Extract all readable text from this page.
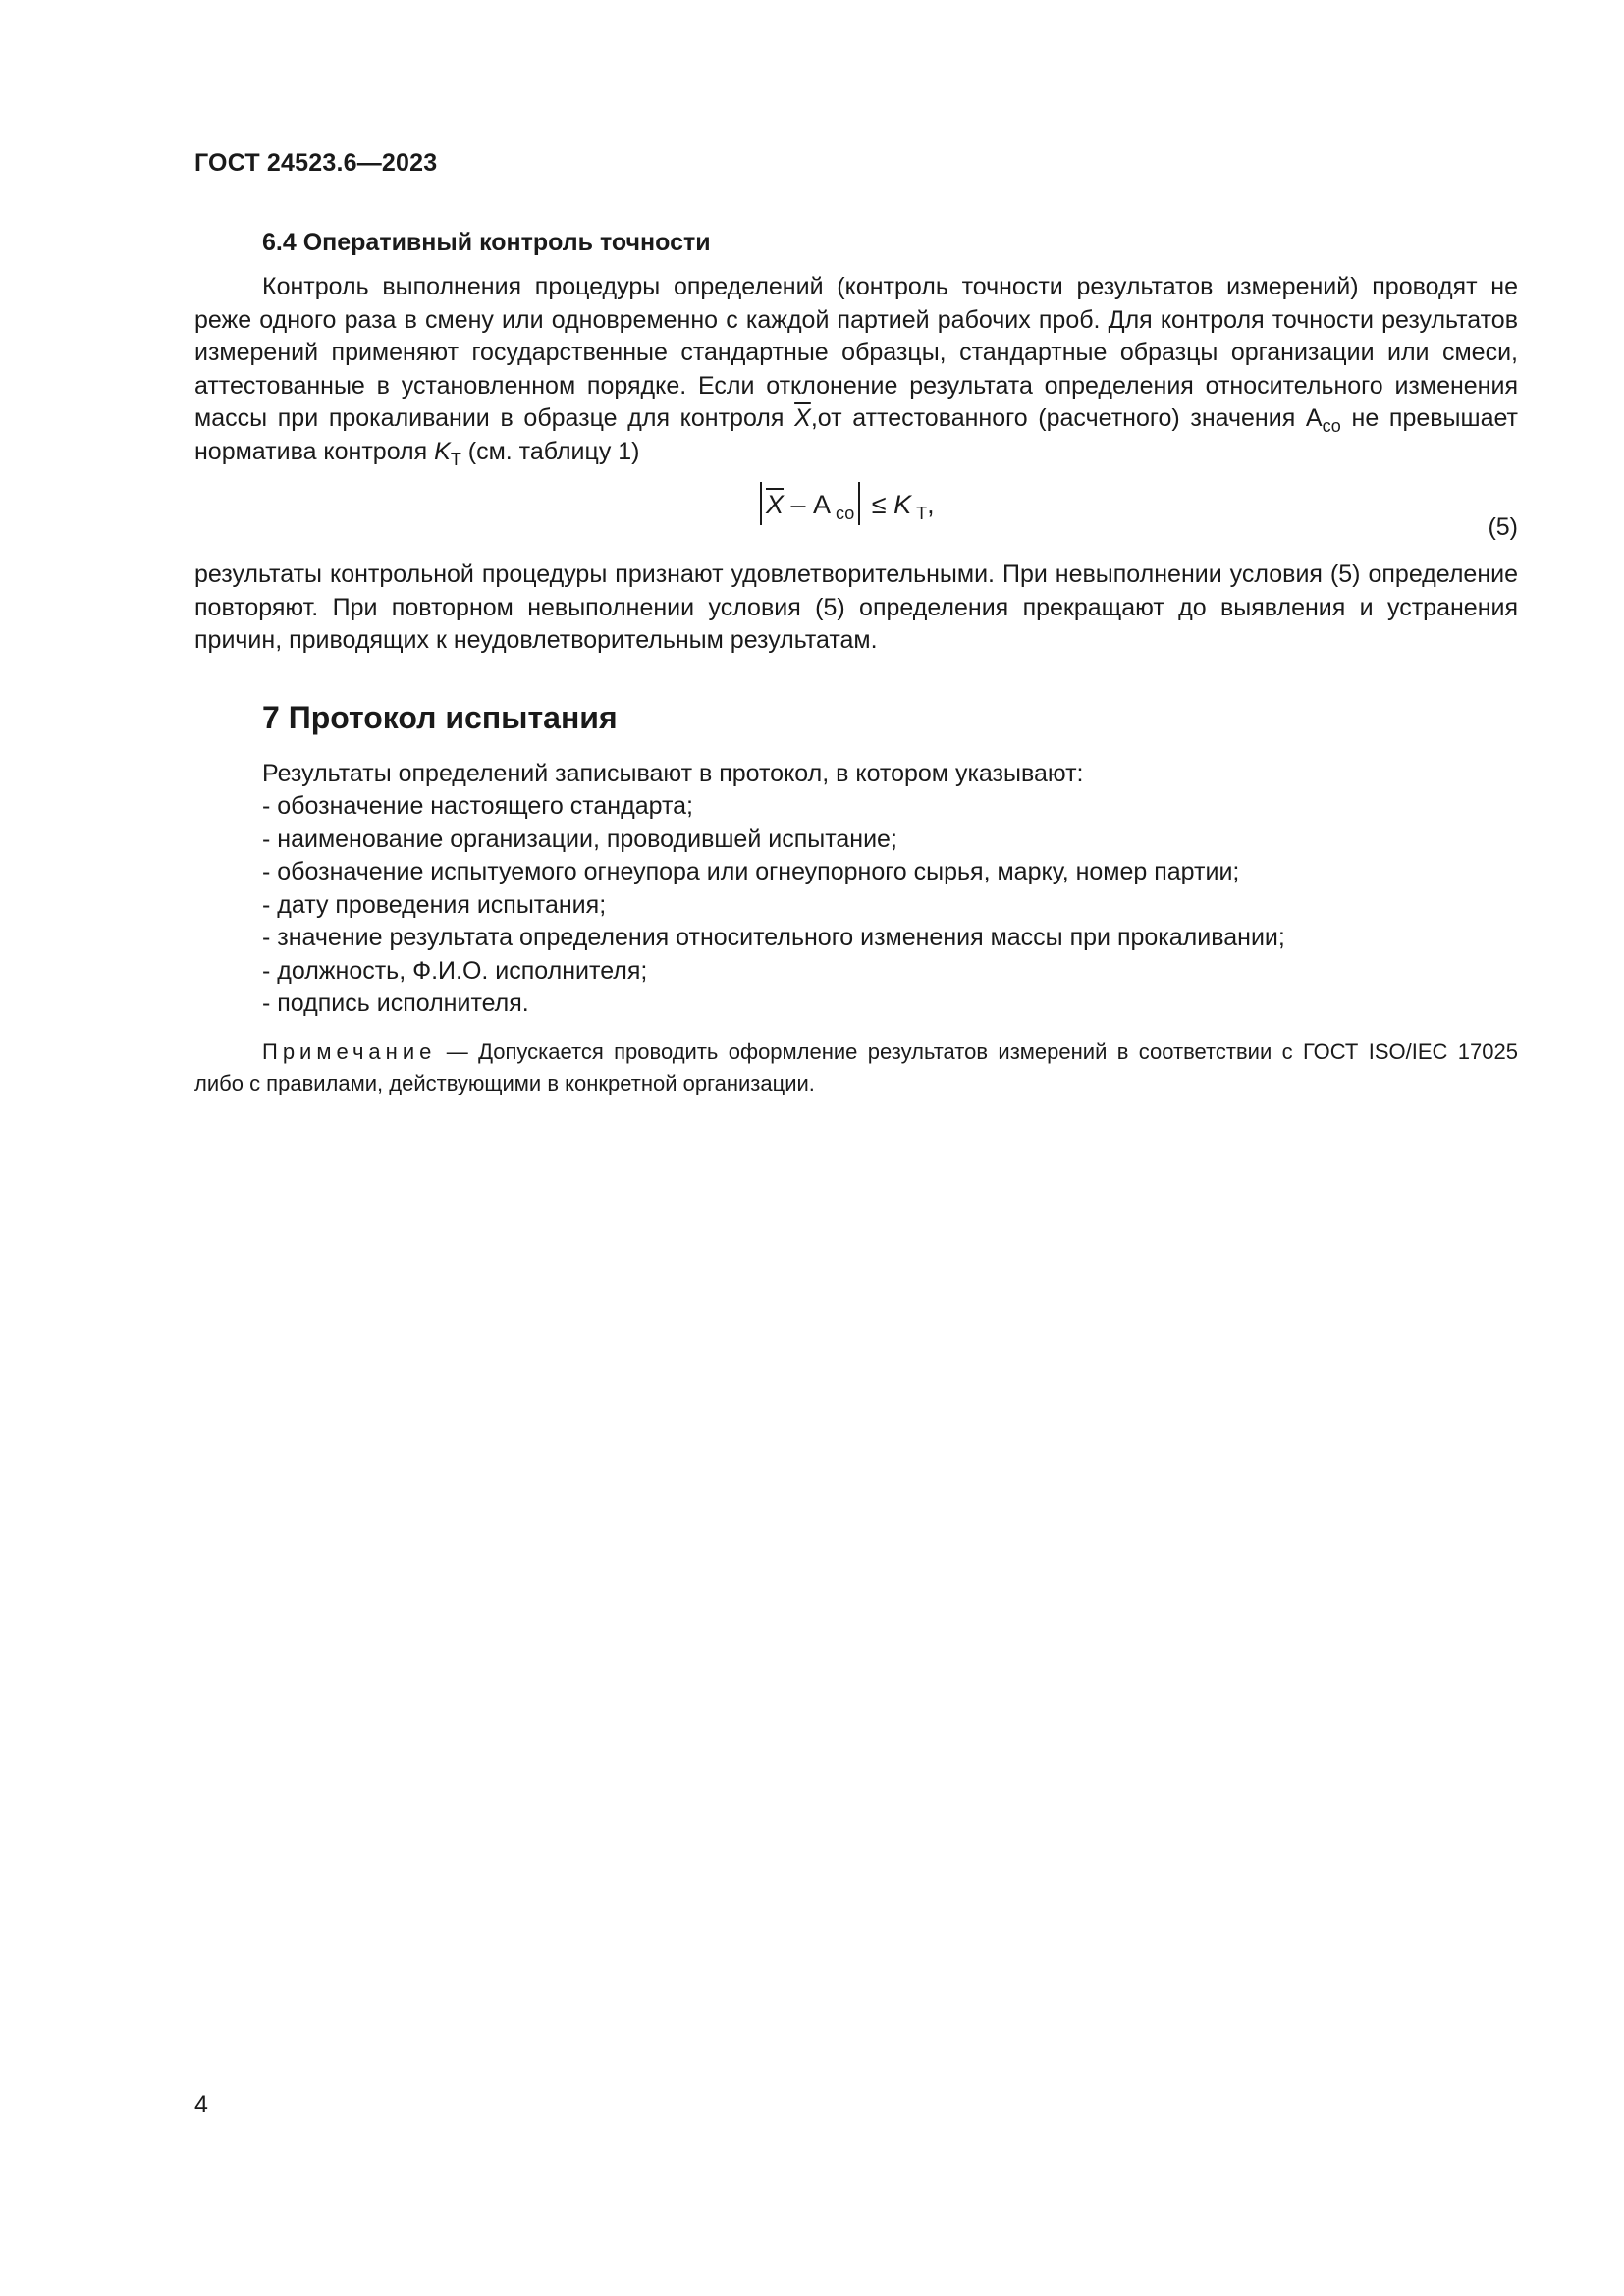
ГОСТ 24523.6—2023
6.4 Оперативный контроль точности

Контроль выполнения процедуры определений (контроль точности результатов измерений) проводят не реже одного раза в смену или одновременно с каждой партией рабочих проб. Для контроля точности результатов измерений применяют государственные стандартные образцы, стандартные образцы организации или смеси, аттестованные в установленном порядке. Если отклонение результата определения относительного изменения массы при прокаливании в образце для контроля $\overline{X},от$ аттестованного (расчетного) значения $А_{со}$ не превышает норматива контроля $K_T$ (см. таблицу 1)

$\overline{X}$ – А $_{со}$ ≤ K $_Т$,
(5)

результаты контрольной процедуры признают удовлетворительными. При невыполнении условия (5) определение повторяют. При повторном невыполнении условия (5) определения прекращают до выявления и устранения причин, приводящих к неудовлетворительным результатам.

7 Протокол испытания

Результаты определений записывают в протокол, в котором указывают:

- обозначение настоящего стандарта;
- наименование организации, проводившей испытание;
- обозначение испытуемого огнеупора или огнеупорного сырья, марку, номер партии;
- дату проведения испытания;
- значение результата определения относительного изменения массы при прокаливании;
- должность, Ф.И.О. исполнителя;
- подпись исполнителя.

Примечание — Допускается проводить оформление результатов измерений в соответствии с ГОСТ ISO/IEC 17025 либо с правилами, действующими в конкретной организации.

4
